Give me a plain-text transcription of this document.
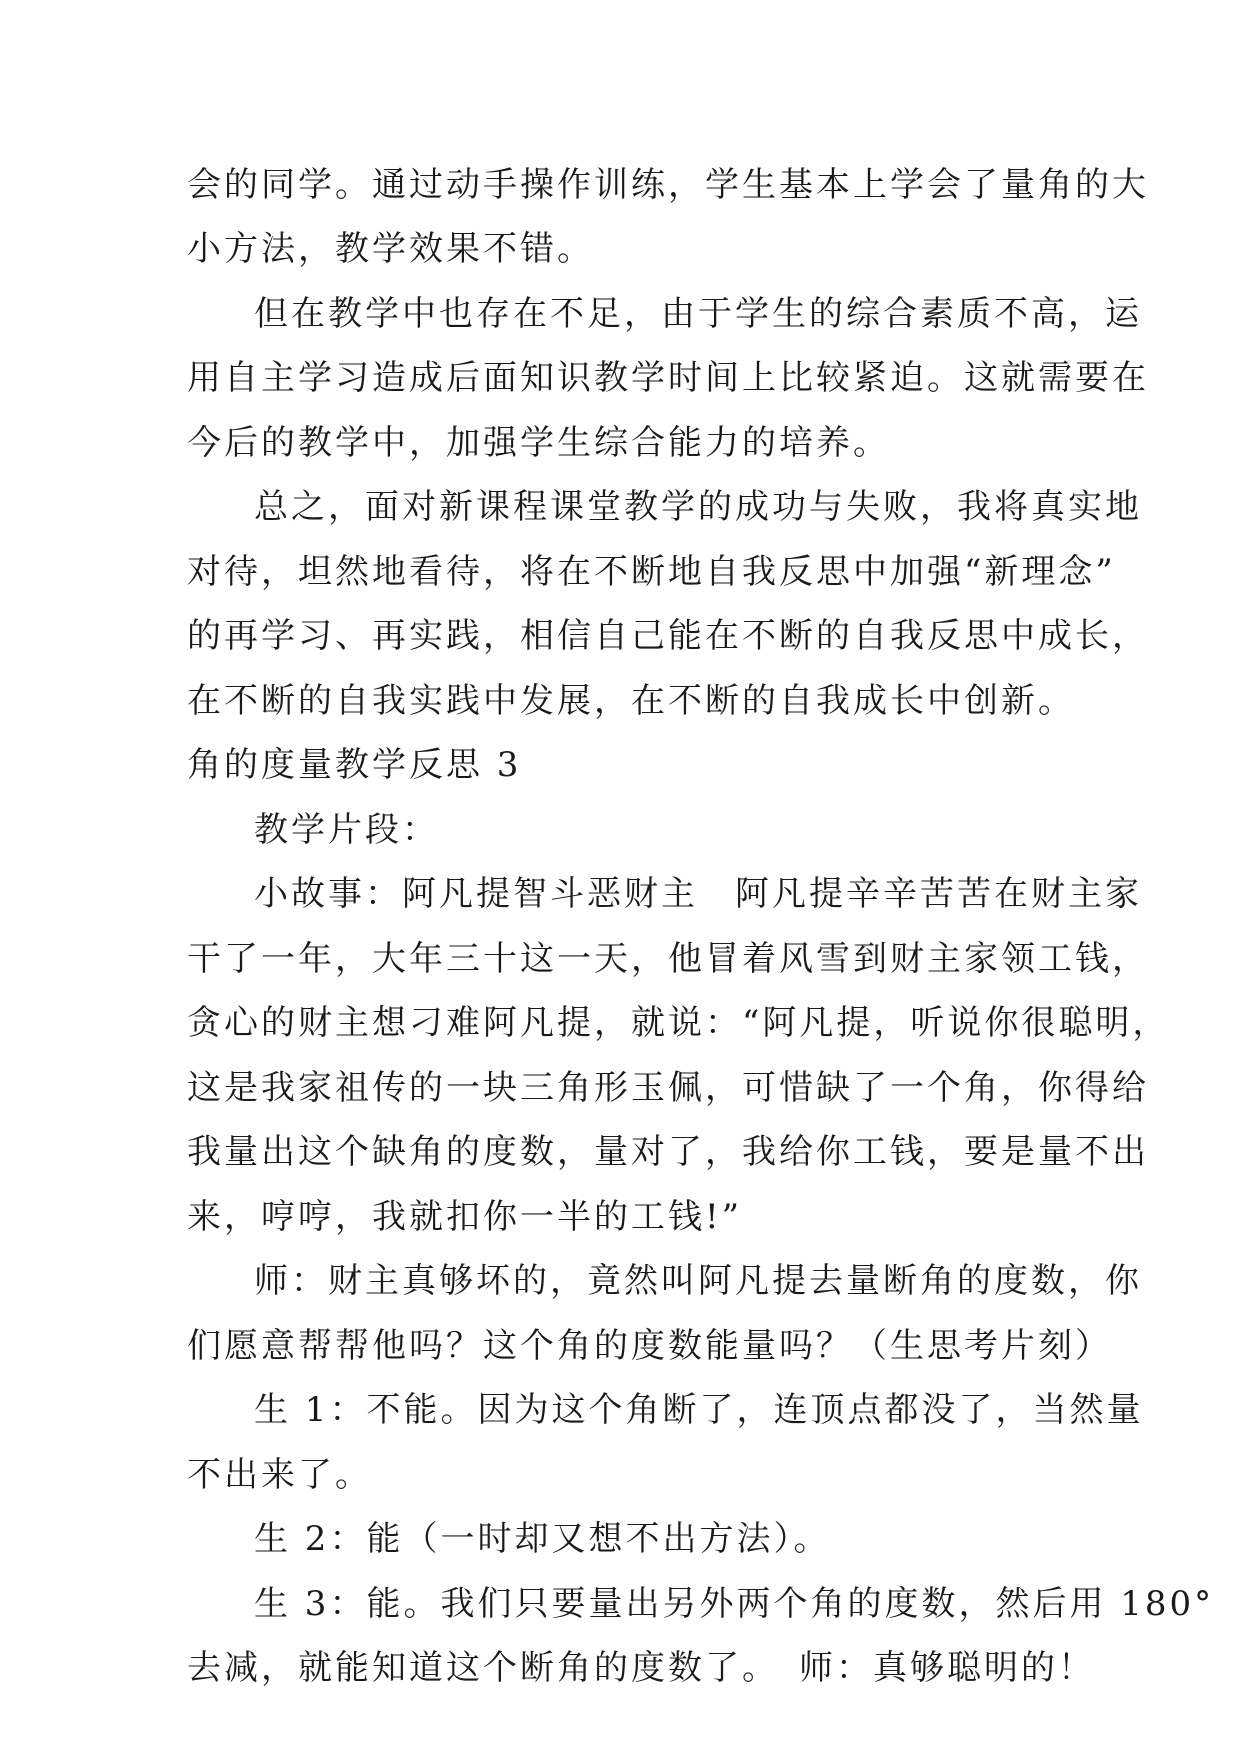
会的同学。通过动手操作训练，学生基本上学会了量角的大
小方法，教学效果不错。
但在教学中也存在不足，由于学生的综合素质不高，运
用自主学习造成后面知识教学时间上比较紧迫。这就需要在
今后的教学中，加强学生综合能力的培养。
总之，面对新课程课堂教学的成功与失败，我将真实地
对待，坦然地看待，将在不断地自我反思中加强“新理念”
的再学习、再实践，相信自己能在不断的自我反思中成长，
在不断的自我实践中发展，在不断的自我成长中创新。
角的度量教学反思 3
教学片段：
小故事：阿凡提智斗恶财主　阿凡提辛辛苦苦在财主家
干了一年，大年三十这一天，他冒着风雪到财主家领工钱，
贪心的财主想刁难阿凡提，就说：“阿凡提，听说你很聪明，
这是我家祖传的一块三角形玉佩，可惜缺了一个角，你得给
我量出这个缺角的度数，量对了，我给你工钱，要是量不出
来，哼哼，我就扣你一半的工钱!”
师：财主真够坏的，竟然叫阿凡提去量断角的度数，你
们愿意帮帮他吗？这个角的度数能量吗？（生思考片刻）
生 1：不能。因为这个角断了，连顶点都没了，当然量
不出来了。
生 2：能（一时却又想不出方法）。
生 3：能。我们只要量出另外两个角的度数，然后用 180°
去减，就能知道这个断角的度数了。　师：真够聪明的！
